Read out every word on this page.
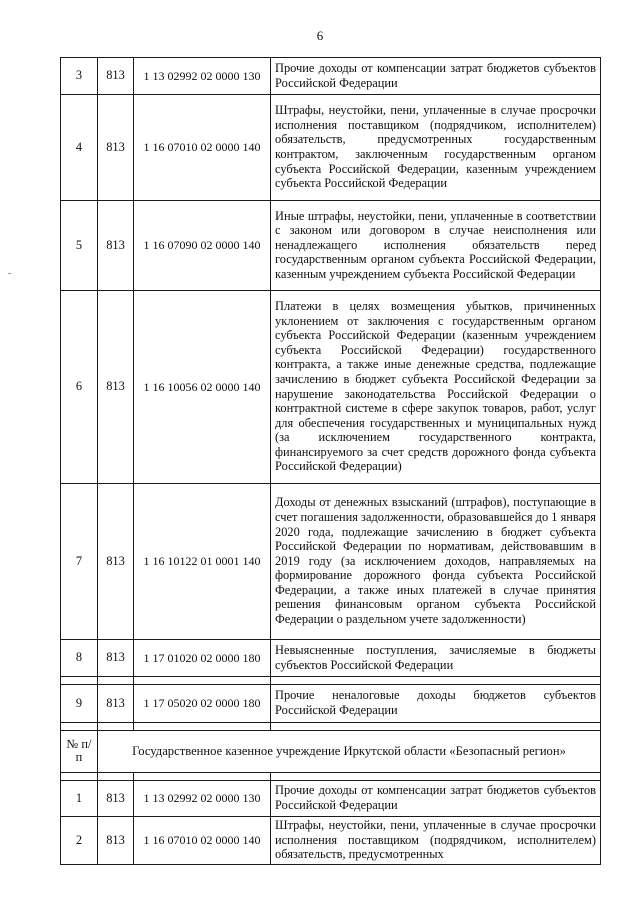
6
-
3	813	1 13 02992 02 0000 130	Прочие доходы от компенсации затрат бюджетов субъектов Российской Федерации
4	813	1 16 07010 02 0000 140	Штрафы, неустойки, пени, уплаченные в случае просрочки исполнения поставщиком (подрядчиком, исполнителем) обязательств, предусмотренных государственным контрактом, заключенным государственным органом субъекта Российской Федерации, казенным учреждением субъекта Российской Федерации
5	813	1 16 07090 02 0000 140	Иные штрафы, неустойки, пени, уплаченные в соответствии с законом или договором в случае неисполнения или ненадлежащего исполнения обязательств перед государственным органом субъекта Российской Федерации, казенным учреждением субъекта Российской Федерации
6	813	1 16 10056 02 0000 140	Платежи в целях возмещения убытков, причиненных уклонением от заключения с государственным органом субъекта Российской Федерации (казенным учреждением субъекта Российской Федерации) государственного контракта, а также иные денежные средства, подлежащие зачислению в бюджет субъекта Российской Федерации за нарушение законодательства Российской Федерации о контрактной системе в сфере закупок товаров, работ, услуг для обеспечения государственных и муниципальных нужд (за исключением государственного контракта, финансируемого за счет средств дорожного фонда субъекта Российской Федерации)
7	813	1 16 10122 01 0001 140	Доходы от денежных взысканий (штрафов), поступающие в счет погашения задолженности, образовавшейся до 1 января 2020 года, подлежащие зачислению в бюджет субъекта Российской Федерации по нормативам, действовавшим в 2019 году (за исключением доходов, направляемых на формирование дорожного фонда субъекта Российской Федерации, а также иных платежей в случае принятия решения финансовым органом субъекта Российской Федерации о раздельном учете задолженности)
8	813	1 17 01020 02 0000 180	Невыясненные поступления, зачисляемые в бюджеты субъектов Российской Федерации

9	813	1 17 05020 02 0000 180	Прочие неналоговые доходы бюджетов субъектов Российской Федерации

№ п/п	Государственное казенное учреждение Иркутской области «Безопасный регион»		

1	813	1 13 02992 02 0000 130	Прочие доходы от компенсации затрат бюджетов субъектов Российской Федерации
2	813	1 16 07010 02 0000 140	Штрафы, неустойки, пени, уплаченные в случае просрочки исполнения поставщиком (подрядчиком, исполнителем) обязательств, предусмотренных
